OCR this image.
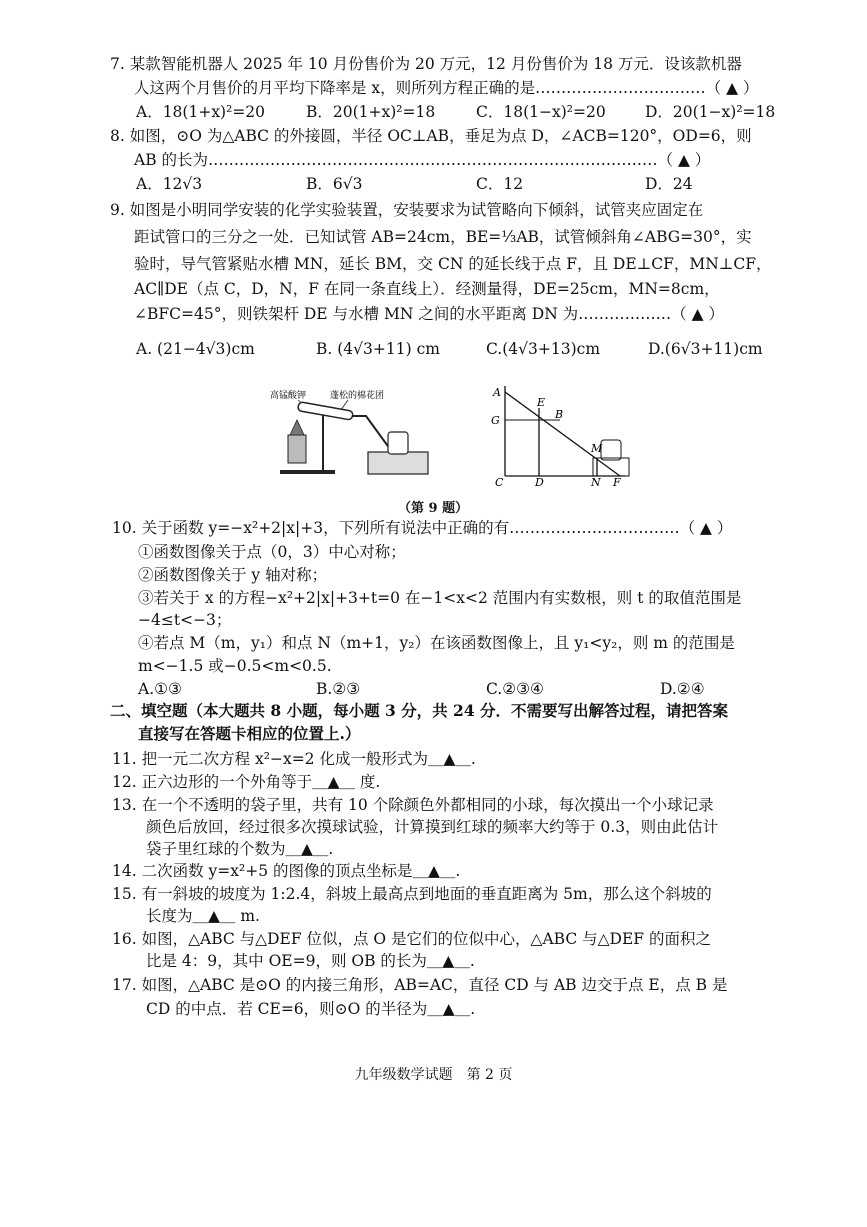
7. 某款智能机器人 2025 年 10 月份售价为 20 万元，12 月份售价为 18 万元．设该款机器
人这两个月售价的月平均下降率是 x，则所列方程正确的是……………………………（ ▲ ）
A．18(1+x)²=20	B．20(1+x)²=18	C．18(1−x)²=20	D．20(1−x)²=18
8. 如图，⊙O 为△ABC 的外接圆，半径 OC⊥AB，垂足为点 D，∠ACB=120°，OD=6，则
AB 的长为……………………………………………………………………………（ ▲ ）
A．12√3	B．6√3	C．12	D．24
9. 如图是小明同学安装的化学实验装置，安装要求为试管略向下倾斜，试管夹应固定在
距试管口的三分之一处．已知试管 AB=24cm，BE=⅓AB，试管倾斜角∠ABG=30°，实
验时，导气管紧贴水槽 MN，延长 BM，交 CN 的延长线于点 F，且 DE⊥CF，MN⊥CF，
AC∥DE（点 C，D，N，F 在同一条直线上）．经测量得，DE=25cm，MN=8cm，
∠BFC=45°，则铁架杆 DE 与水槽 MN 之间的水平距离 DN 为………………（ ▲ ）
A. (21−4√3)cm	B. (4√3+11) cm	C.(4√3+13)cm	D.(6√3+11)cm
高锰酸钾	蓬松的棉花团	A
E
B
G
M
C	D	N F
（第 9 题）
10. 关于函数 y=−x²+2|x|+3，下列所有说法中正确的有……………………………（ ▲ ）
①函数图像关于点（0，3）中心对称；
②函数图像关于 y 轴对称；
③若关于 x 的方程−x²+2|x|+3+t=0 在−1<x<2 范围内有实数根，则 t 的取值范围是
−4≤t<−3；
④若点 M（m，y₁）和点 N（m+1，y₂）在该函数图像上，且 y₁<y₂，则 m 的范围是
m<−1.5 或−0.5<m<0.5.
A.①③	B.②③	C.②③④	D.②④
二、填空题（本大题共 8 小题，每小题 3 分，共 24 分．不需要写出解答过程，请把答案
直接写在答题卡相应的位置上.）
11. 把一元二次方程 x²−x=2 化成一般形式为＿▲＿.
12. 正六边形的一个外角等于＿▲＿ 度.
13. 在一个不透明的袋子里，共有 10 个除颜色外都相同的小球，每次摸出一个小球记录
颜色后放回，经过很多次摸球试验，计算摸到红球的频率大约等于 0.3，则由此估计
袋子里红球的个数为＿▲＿.
14. 二次函数 y=x²+5 的图像的顶点坐标是＿▲＿.
15. 有一斜坡的坡度为 1:2.4，斜坡上最高点到地面的垂直距离为 5m，那么这个斜坡的
长度为＿▲＿ m.
16. 如图，△ABC 与△DEF 位似，点 O 是它们的位似中心，△ABC 与△DEF 的面积之
比是 4：9，其中 OE=9，则 OB 的长为＿▲＿.
17. 如图，△ABC 是⊙O 的内接三角形，AB=AC，直径 CD 与 AB 边交于点 E，点 B 是
CD 的中点．若 CE=6，则⊙O 的半径为＿▲＿.
九年级数学试题　第 2 页
